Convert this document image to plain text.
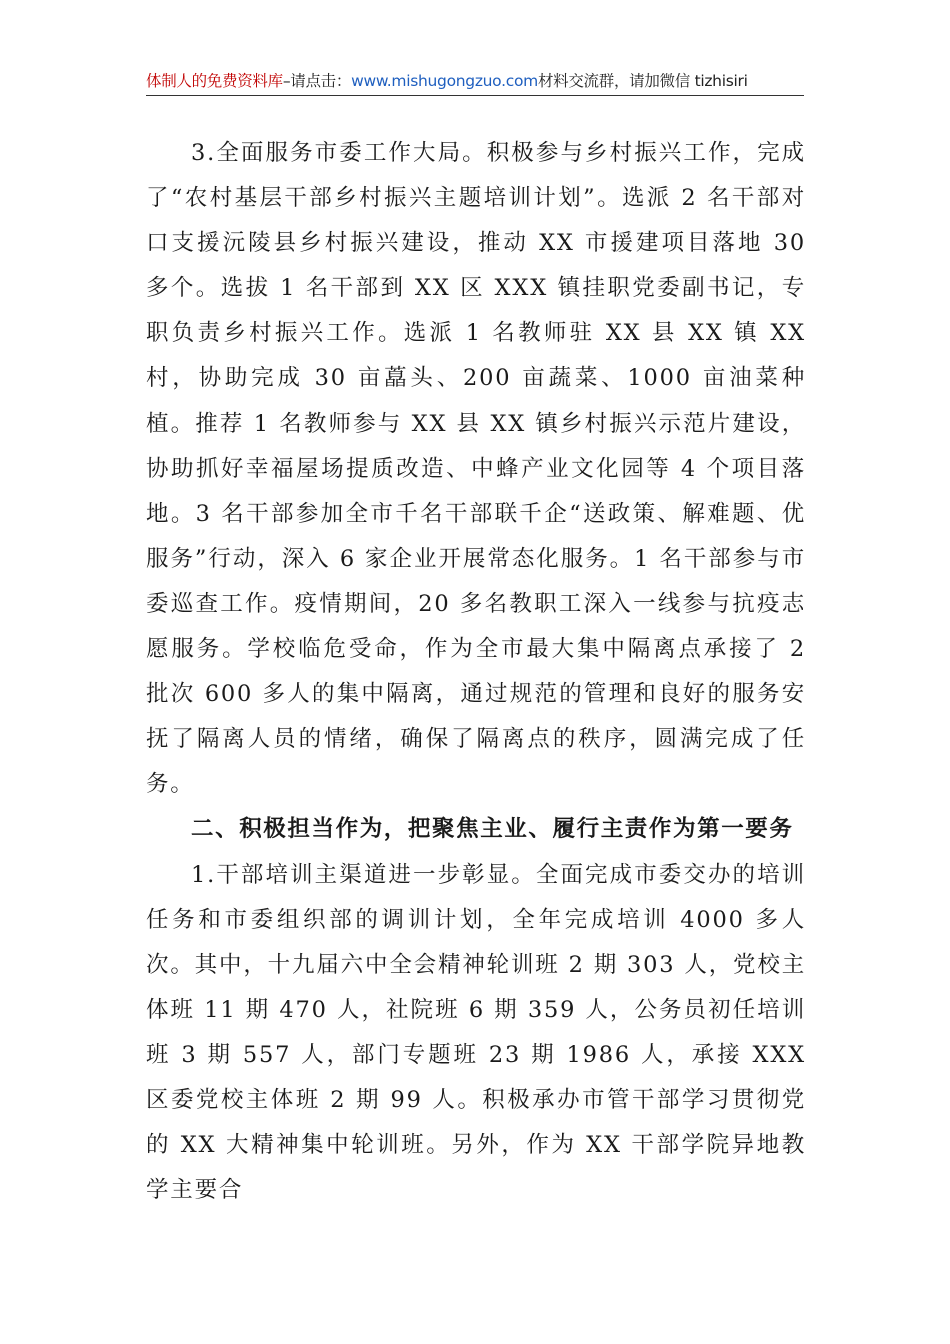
体制人的免费资料库–请点击：www.mishugongzuo.com材料交流群，请加微信 tizhisiri

3.全面服务市委工作大局。积极参与乡村振兴工作，完成了“农村基层干部乡村振兴主题培训计划”。选派 2 名干部对口支援沅陵县乡村振兴建设，推动 XX 市援建项目落地 30 多个。选拔 1 名干部到 XX 区 XXX 镇挂职党委副书记，专职负责乡村振兴工作。选派 1 名教师驻 XX 县 XX 镇 XX 村，协助完成 30 亩藠头、200 亩蔬菜、1000 亩油菜种植。推荐 1 名教师参与 XX 县 XX 镇乡村振兴示范片建设，协助抓好幸福屋场提质改造、中蜂产业文化园等 4 个项目落地。3 名干部参加全市千名干部联千企“送政策、解难题、优服务”行动，深入 6 家企业开展常态化服务。1 名干部参与市委巡查工作。疫情期间，20 多名教职工深入一线参与抗疫志愿服务。学校临危受命，作为全市最大集中隔离点承接了 2 批次 600 多人的集中隔离，通过规范的管理和良好的服务安抚了隔离人员的情绪，确保了隔离点的秩序，圆满完成了任务。

二、积极担当作为，把聚焦主业、履行主责作为第一要务

1.干部培训主渠道进一步彰显。全面完成市委交办的培训任务和市委组织部的调训计划，全年完成培训 4000 多人次。其中，十九届六中全会精神轮训班 2 期 303 人，党校主体班 11 期 470 人，社院班 6 期 359 人，公务员初任培训班 3 期 557 人，部门专题班 23 期 1986 人，承接 XXX 区委党校主体班 2 期 99 人。积极承办市管干部学习贯彻党的 XX 大精神集中轮训班。另外，作为 XX 干部学院异地教学主要合
